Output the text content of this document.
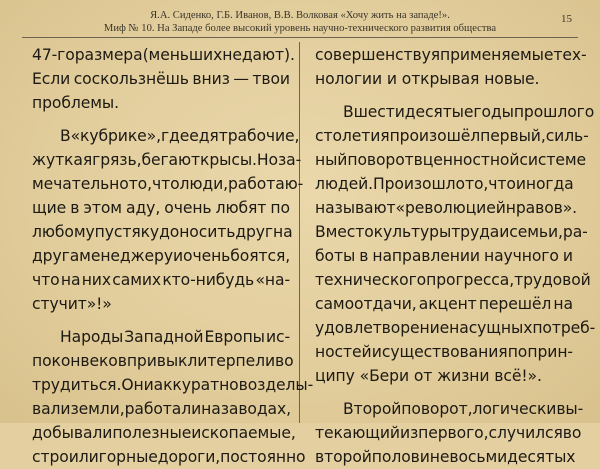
Я.А. Сиденко, Г.Б. Иванов, В.В. Волковая «Хочу жить на западе!».
Миф № 10. На Западе более высокий уровень научно-технического развития общества
15
47-го размера (меньших не дают).
Если соскользнёшь вниз — твои
проблемы.
В «кубрике», где едят рабочие,
жуткая грязь, бегают крысы. Но за-
мечательно то, что люди, работаю-
щие в этом аду, очень любят по
любому пустяку доносить друг на
друга менеджеру и очень боятся,
что на них самих кто-нибудь «на-
стучит»!»
Народы Западной Европы ис-
покон веков привыкли терпеливо
трудиться. Они аккуратно возделы-
вали земли, работали на заводах,
добывали полезные ископаемые,
строили горные дороги, постоянно
совершенствуя применяемые тех-
нологии и открывая новые.
В шестидесятые годы прошлого
столетия произошёл первый, силь-
ный поворот в ценностной системе
людей. Произошло то, что иногда
называют «революцией нравов».
Вместо культуры труда и семьи, ра-
боты в направлении научного и
технического прогресса, трудовой
самоотдачи, акцент перешёл на
удовлетворение насущных потреб-
ностей и существования по прин-
ципу «Бери от жизни всё!».
Второй поворот, логически вы-
текающий из первого, случился во
второй половине восьмидесятых
